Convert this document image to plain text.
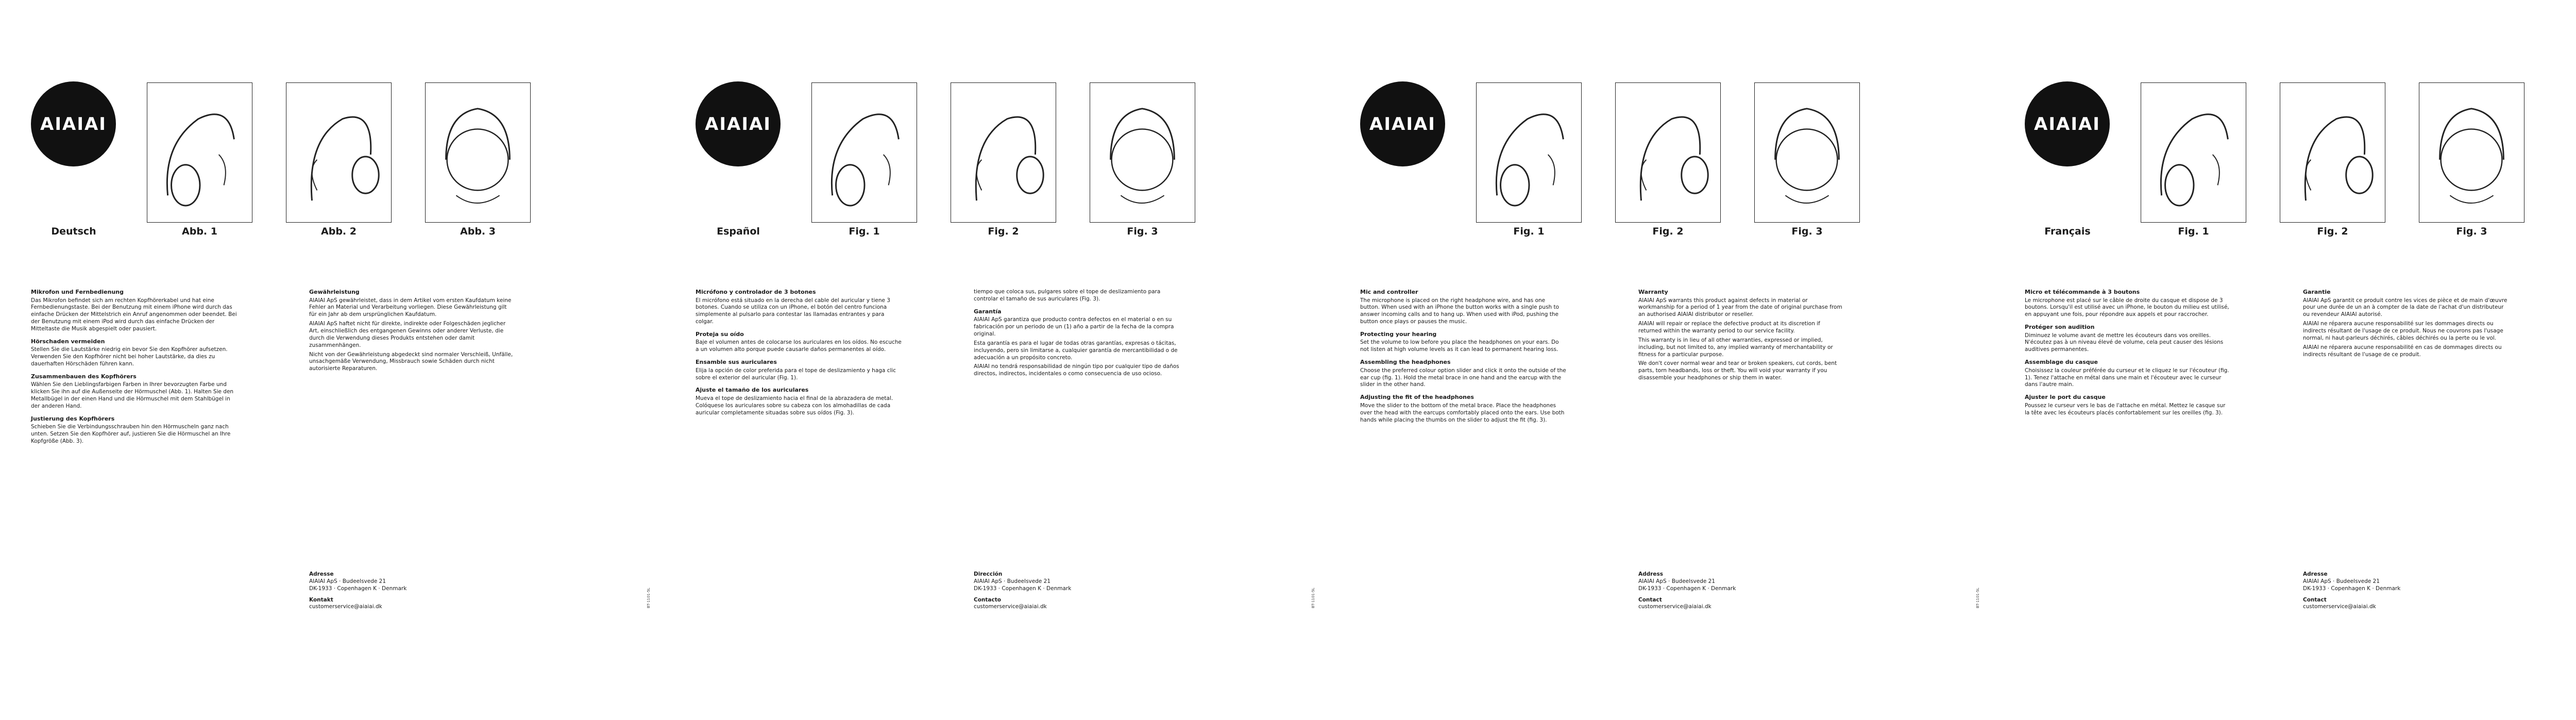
AIAIAI
Deutsch	Abb. 1	Abb. 2	Abb. 3
Mikrofon und Fernbedienung

Das Mikrofon befindet sich am rechten Kopfhörerkabel und hat eine Fernbedienungstaste. Bei der Benutzung mit einem iPhone wird durch das einfache Drücken der Mittelstrich ein Anruf angenommen oder beendet. Bei der Benutzung mit einem iPod wird durch das einfache Drücken der Mitteltaste die Musik abgespielt oder pausiert.

Hörschaden vermeiden

Stellen Sie die Lautstärke niedrig ein bevor Sie den Kopfhörer aufsetzen. Verwenden Sie den Kopfhörer nicht bei hoher Lautstärke, da dies zu dauerhaften Hörschäden führen kann.

Zusammenbauen des Kopfhörers

Wählen Sie den Lieblingsfarbigen Farben in Ihrer bevorzugten Farbe und klicken Sie ihn auf die Außenseite der Hörmuschel (Abb. 1). Halten Sie den Metallbügel in der einen Hand und die Hörmuschel mit dem Stahlbügel in der anderen Hand.

Justierung des Kopfhörers

Schieben Sie die Verbindungsschrauben hin den Hörmuscheln ganz nach unten. Setzen Sie den Kopfhörer auf, justieren Sie die Hörmuschel an Ihre Kopfgröße (Abb. 3).

Gewährleistung

AIAIAI ApS gewährleistet, dass in dem Artikel vom ersten Kaufdatum keine Fehler an Material und Verarbeitung vorliegen. Diese Gewährleistung gilt für ein Jahr ab dem ursprünglichen Kaufdatum.

AIAIAI ApS haftet nicht für direkte, indirekte oder Folgeschäden jeglicher Art, einschließlich des entgangenen Gewinns oder anderer Verluste, die durch die Verwendung dieses Produkts entstehen oder damit zusammenhängen.

Nicht von der Gewährleistung abgedeckt sind normaler Verschleiß, Unfälle, unsachgemäße Verwendung, Missbrauch sowie Schäden durch nicht autorisierte Reparaturen.

Adresse
AIAIAI ApS · Budeelsvede 21
DK-1933 · Copenhagen K · Denmark
Kontakt
customerservice@aiaiai.dk	BT-1101-5L
AIAIAI
Español	Fig. 1	Fig. 2	Fig. 3
Micrófono y controlador de 3 botones

El micrófono está situado en la derecha del cable del auricular y tiene 3 botones. Cuando se utiliza con un iPhone, el botón del centro funciona simplemente al pulsarlo para contestar las llamadas entrantes y para colgar.

Proteja su oído

Baje el volumen antes de colocarse los auriculares en los oídos. No escuche a un volumen alto porque puede causarle daños permanentes al oído.

Ensamble sus auriculares

Elija la opción de color preferida para el tope de deslizamiento y haga clic sobre el exterior del auricular (Fig. 1).

Ajuste el tamaño de los auriculares

Mueva el tope de deslizamiento hacia el final de la abrazadera de metal. Colóquese los auriculares sobre su cabeza con los almohadillas de cada auricular completamente situadas sobre sus oídos (Fig. 3).

tiempo que coloca sus, pulgares sobre el tope de deslizamiento para controlar el tamaño de sus auriculares (Fig. 3).

Garantía

AIAIAI ApS garantiza que producto contra defectos en el material o en su fabricación por un periodo de un (1) año a partir de la fecha de la compra original.

Esta garantía es para el lugar de todas otras garantías, expresas o tácitas, incluyendo, pero sin limitarse a, cualquier garantía de mercantibilidad o de adecuación a un propósito concreto.

AIAIAI no tendrá responsabilidad de ningún tipo por cualquier tipo de daños directos, indirectos, incidentales o como consecuencia de uso ocioso.

Dirección
AIAIAI ApS · Budeelsvede 21
DK-1933 · Copenhagen K · Denmark
Contacto
customerservice@aiaiai.dk	BT-1101-5L
AIAIAI
Fig. 1	Fig. 2	Fig. 3
Mic and controller

The microphone is placed on the right headphone wire, and has one button. When used with an iPhone the button works with a single push to answer incoming calls and to hang up. When used with iPod, pushing the button once plays or pauses the music.

Protecting your hearing

Set the volume to low before you place the headphones on your ears. Do not listen at high volume levels as it can lead to permanent hearing loss.

Assembling the headphones

Choose the preferred colour option slider and click it onto the outside of the ear cup (fig. 1). Hold the metal brace in one hand and the earcup with the slider in the other hand.

Adjusting the fit of the headphones

Move the slider to the bottom of the metal brace. Place the headphones over the head with the earcups comfortably placed onto the ears. Use both hands while placing the thumbs on the slider to adjust the fit (fig. 3).

Warranty

AIAIAI ApS warrants this product against defects in material or workmanship for a period of 1 year from the date of original purchase from an authorised AIAIAI distributor or reseller.

AIAIAI will repair or replace the defective product at its discretion if returned within the warranty period to our service facility.

This warranty is in lieu of all other warranties, expressed or implied, including, but not limited to, any implied warranty of merchantability or fitness for a particular purpose.

We don't cover normal wear and tear or broken speakers, cut cords, bent parts, torn headbands, loss or theft. You will void your warranty if you disassemble your headphones or ship them in water.

Address
AIAIAI ApS · Budeelsvede 21
DK-1933 · Copenhagen K · Denmark
Contact
customerservice@aiaiai.dk	BT-1101-5L
AIAIAI
Français	Fig. 1	Fig. 2	Fig. 3
Micro et télécommande à 3 boutons

Le microphone est placé sur le câble de droite du casque et dispose de 3 boutons. Lorsqu'il est utilisé avec un iPhone, le bouton du milieu est utilisé, en appuyant une fois, pour répondre aux appels et pour raccrocher.

Protéger son audition

Diminuez le volume avant de mettre les écouteurs dans vos oreilles. N'écoutez pas à un niveau élevé de volume, cela peut causer des lésions auditives permanentes.

Assemblage du casque

Choisissez la couleur préférée du curseur et le cliquez le sur l'écouteur (fig. 1). Tenez l'attache en métal dans une main et l'écouteur avec le curseur dans l'autre main.

Ajuster le port du casque

Poussez le curseur vers le bas de l'attache en métal. Mettez le casque sur la tête avec les écouteurs placés confortablement sur les oreilles (fig. 3).

Garantie

AIAIAI ApS garantit ce produit contre les vices de pièce et de main d'œuvre pour une durée de un an à compter de la date de l'achat d'un distributeur ou revendeur AIAIAI autorisé.

AIAIAI ne réparera aucune responsabilité sur les dommages directs ou indirects résultant de l'usage de ce produit. Nous ne couvrons pas l'usage normal, ni haut-parleurs déchirés, câbles déchirés ou la perte ou le vol.

AIAIAI ne réparera aucune responsabilité en cas de dommages directs ou indirects résultant de l'usage de ce produit.

Adresse
AIAIAI ApS · Budeelsvede 21
DK-1933 · Copenhagen K · Denmark
Contact
customerservice@aiaiai.dk
